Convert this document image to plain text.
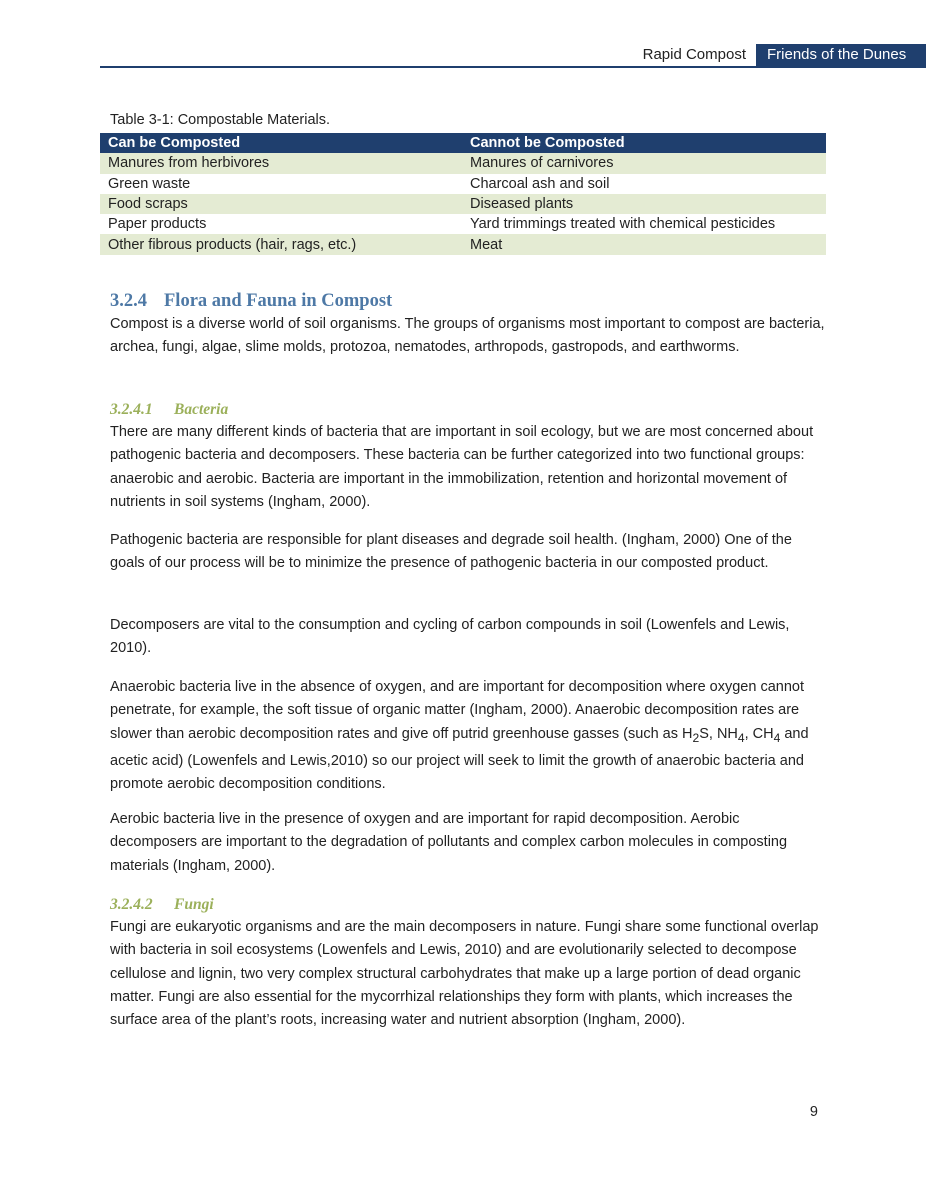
Rapid Compost	Friends of the Dunes
Table 3-1: Compostable Materials.
Can be Composted	Cannot be Composted
Manures from herbivores	Manures of carnivores
Green waste	Charcoal ash and soil
Food scraps	Diseased plants
Paper products	Yard trimmings treated with chemical pesticides
Other fibrous products (hair, rags, etc.)	Meat
3.2.4 Flora and Fauna in Compost

Compost is a diverse world of soil organisms. The groups of organisms most important to compost are bacteria, archea, fungi, algae, slime molds, protozoa, nematodes, arthropods, gastropods, and earthworms.

3.2.4.1 Bacteria

There are many different kinds of bacteria that are important in soil ecology, but we are most concerned about pathogenic bacteria and decomposers. These bacteria can be further categorized into two functional groups: anaerobic and aerobic. Bacteria are important in the immobilization, retention and horizontal movement of nutrients in soil systems (Ingham, 2000).

Pathogenic bacteria are responsible for plant diseases and degrade soil health. (Ingham, 2000) One of the goals of our process will be to minimize the presence of pathogenic bacteria in our composted product.

Decomposers are vital to the consumption and cycling of carbon compounds in soil (Lowenfels and Lewis, 2010).

Anaerobic bacteria live in the absence of oxygen, and are important for decomposition where oxygen cannot penetrate, for example, the soft tissue of organic matter (Ingham, 2000). Anaerobic decomposition rates are slower than aerobic decomposition rates and give off putrid greenhouse gasses (such as $H_2S$, $NH_4$, $CH_4$ and acetic acid) (Lowenfels and Lewis,2010) so our project will seek to limit the growth of anaerobic bacteria and promote aerobic decomposition conditions.

Aerobic bacteria live in the presence of oxygen and are important for rapid decomposition. Aerobic decomposers are important to the degradation of pollutants and complex carbon molecules in composting materials (Ingham, 2000).

3.2.4.2 Fungi

Fungi are eukaryotic organisms and are the main decomposers in nature. Fungi share some functional overlap with bacteria in soil ecosystems (Lowenfels and Lewis, 2010) and are evolutionarily selected to decompose cellulose and lignin, two very complex structural carbohydrates that make up a large portion of dead organic matter. Fungi are also essential for the mycorrhizal relationships they form with plants, which increases the surface area of the plant’s roots, increasing water and nutrient absorption (Ingham, 2000).

9
